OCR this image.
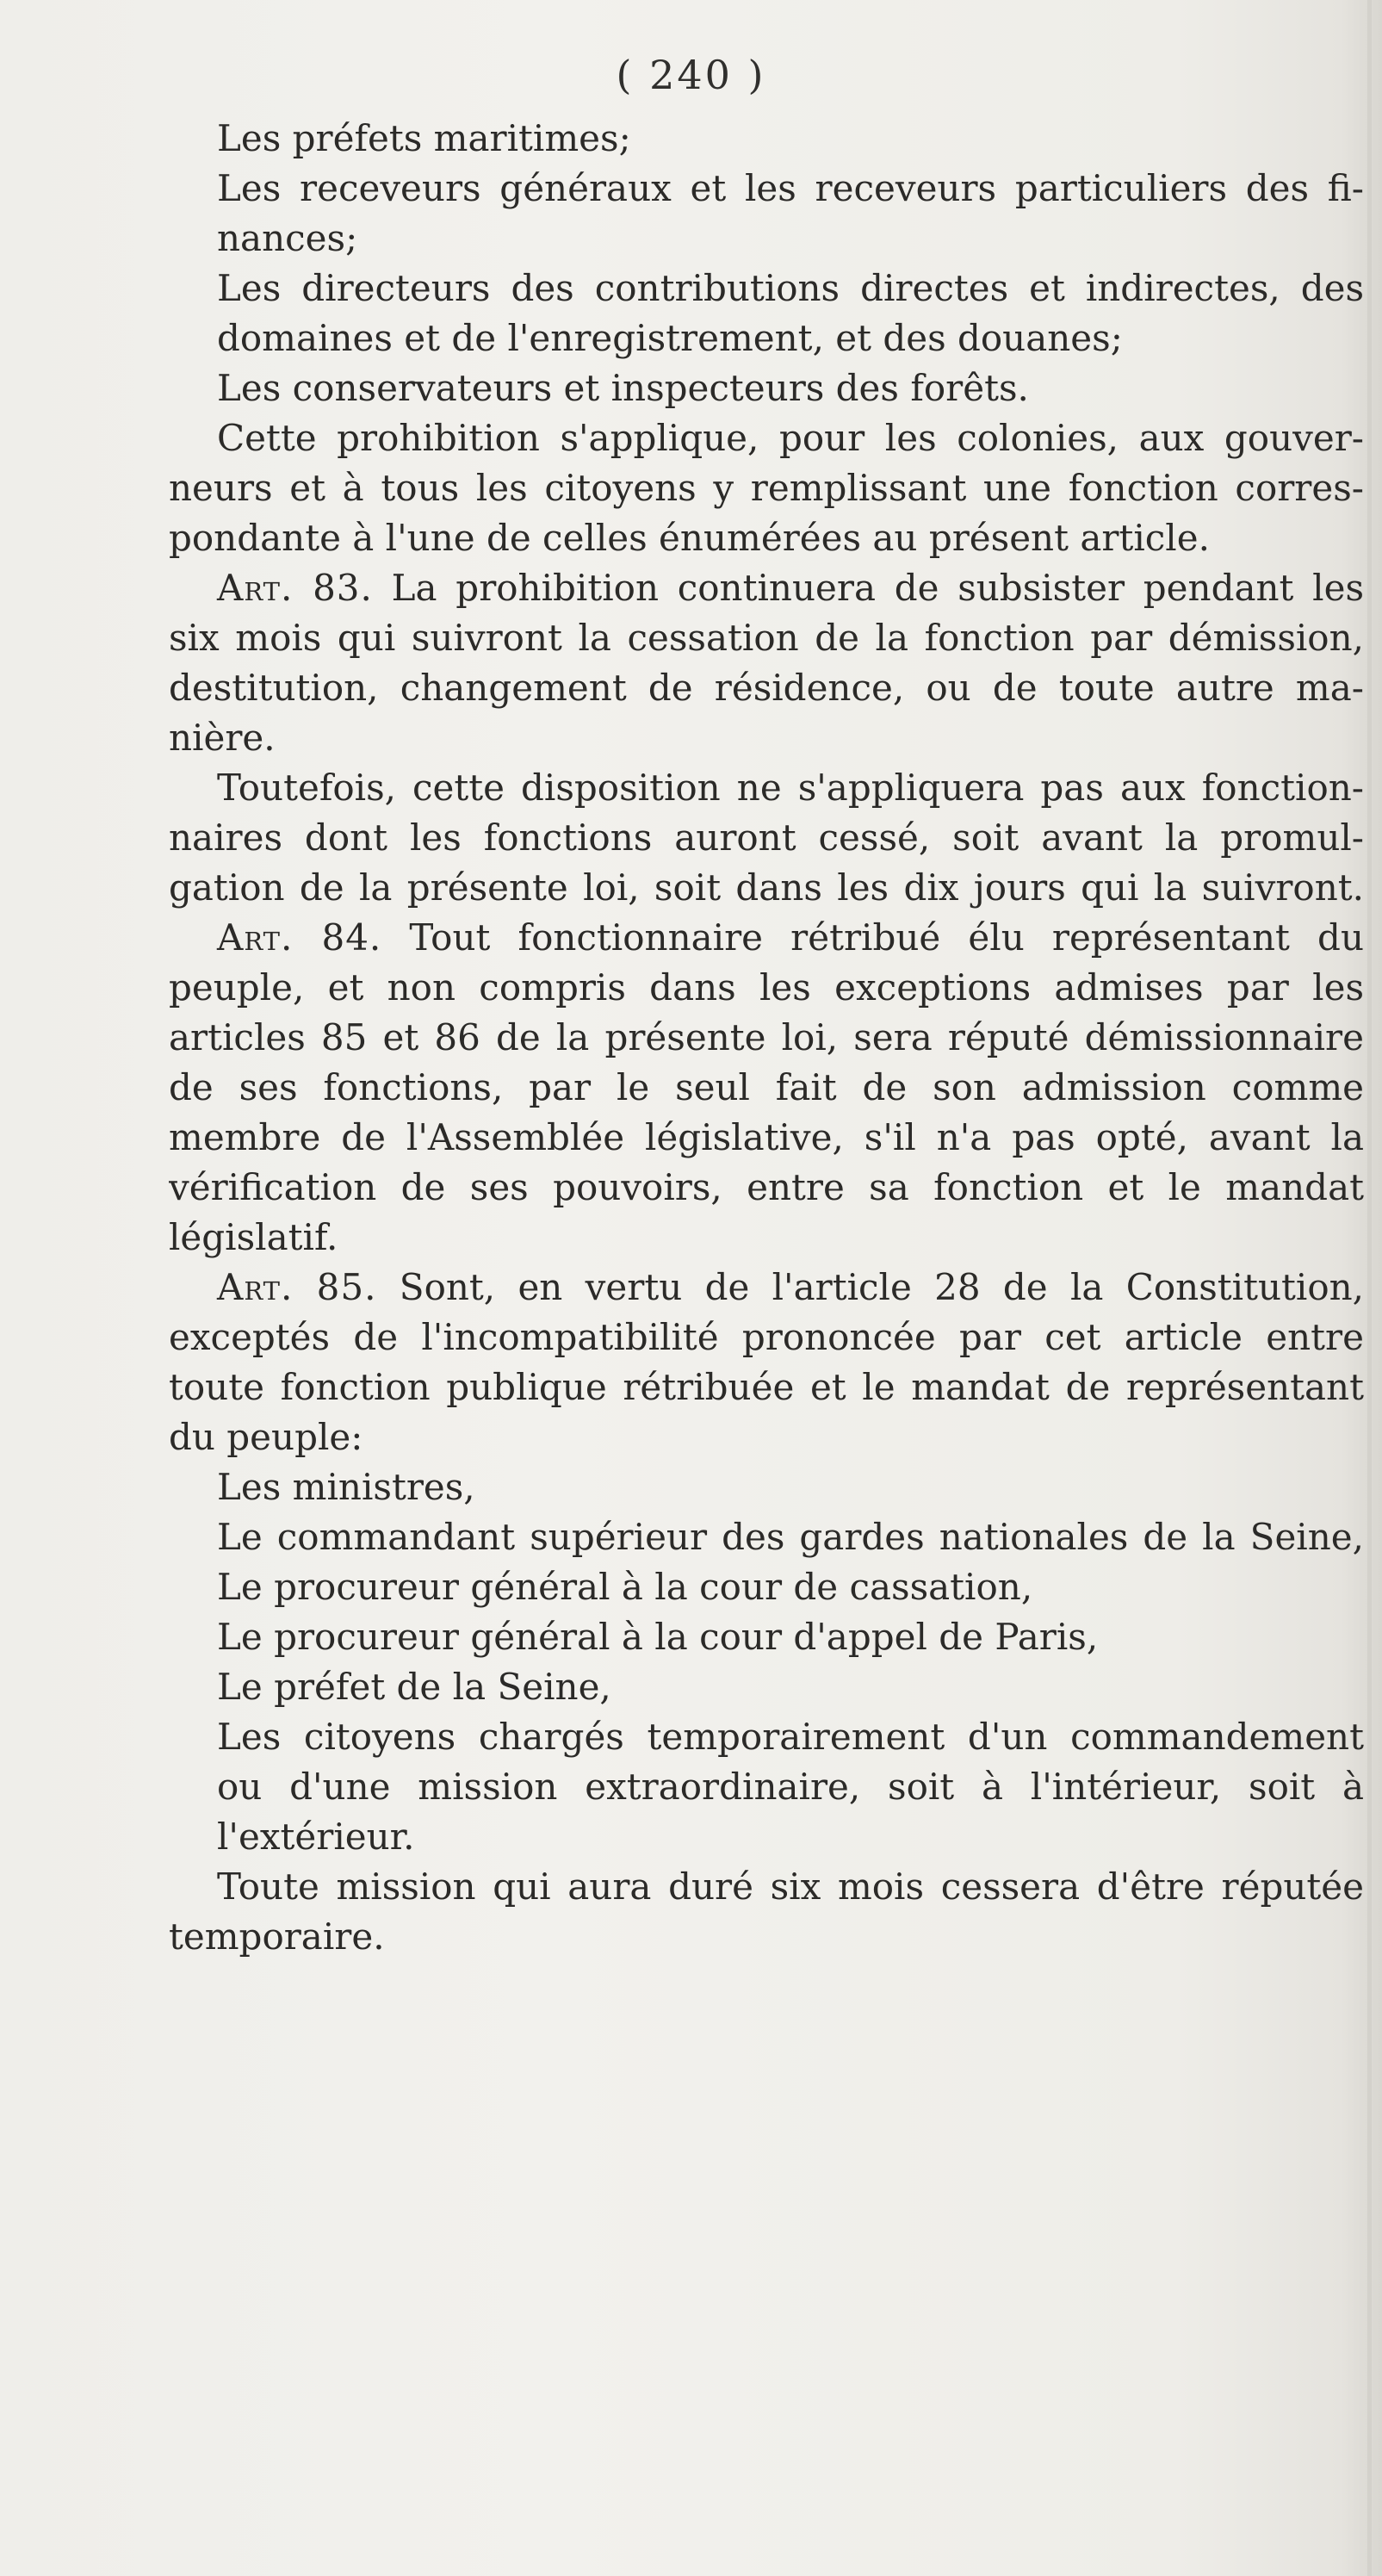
( 240 )
Les préfets maritimes;
Les receveurs généraux et les receveurs particuliers des fi-
nances;
Les directeurs des contributions directes et indirectes, des
domaines et de l'enregistrement, et des douanes;
Les conservateurs et inspecteurs des forêts.
Cette prohibition s'applique, pour les colonies, aux gouver-
neurs et à tous les citoyens y remplissant une fonction corres-
pondante à l'une de celles énumérées au présent article.
Art. 83. La prohibition continuera de subsister pendant les
six mois qui suivront la cessation de la fonction par démission,
destitution, changement de résidence, ou de toute autre ma-
nière.
Toutefois, cette disposition ne s'appliquera pas aux fonction-
naires dont les fonctions auront cessé, soit avant la promul-
gation de la présente loi, soit dans les dix jours qui la suivront.
Art. 84. Tout fonctionnaire rétribué élu représentant du
peuple, et non compris dans les exceptions admises par les
articles 85 et 86 de la présente loi, sera réputé démissionnaire
de ses fonctions, par le seul fait de son admission comme
membre de l'Assemblée législative, s'il n'a pas opté, avant la
vérification de ses pouvoirs, entre sa fonction et le mandat
législatif.
Art. 85. Sont, en vertu de l'article 28 de la Constitution,
exceptés de l'incompatibilité prononcée par cet article entre
toute fonction publique rétribuée et le mandat de représentant
du peuple:
Les ministres,
Le commandant supérieur des gardes nationales de la Seine,
Le procureur général à la cour de cassation,
Le procureur général à la cour d'appel de Paris,
Le préfet de la Seine,
Les citoyens chargés temporairement d'un commandement
ou d'une mission extraordinaire, soit à l'intérieur, soit à
l'extérieur.
Toute mission qui aura duré six mois cessera d'être réputée
temporaire.
